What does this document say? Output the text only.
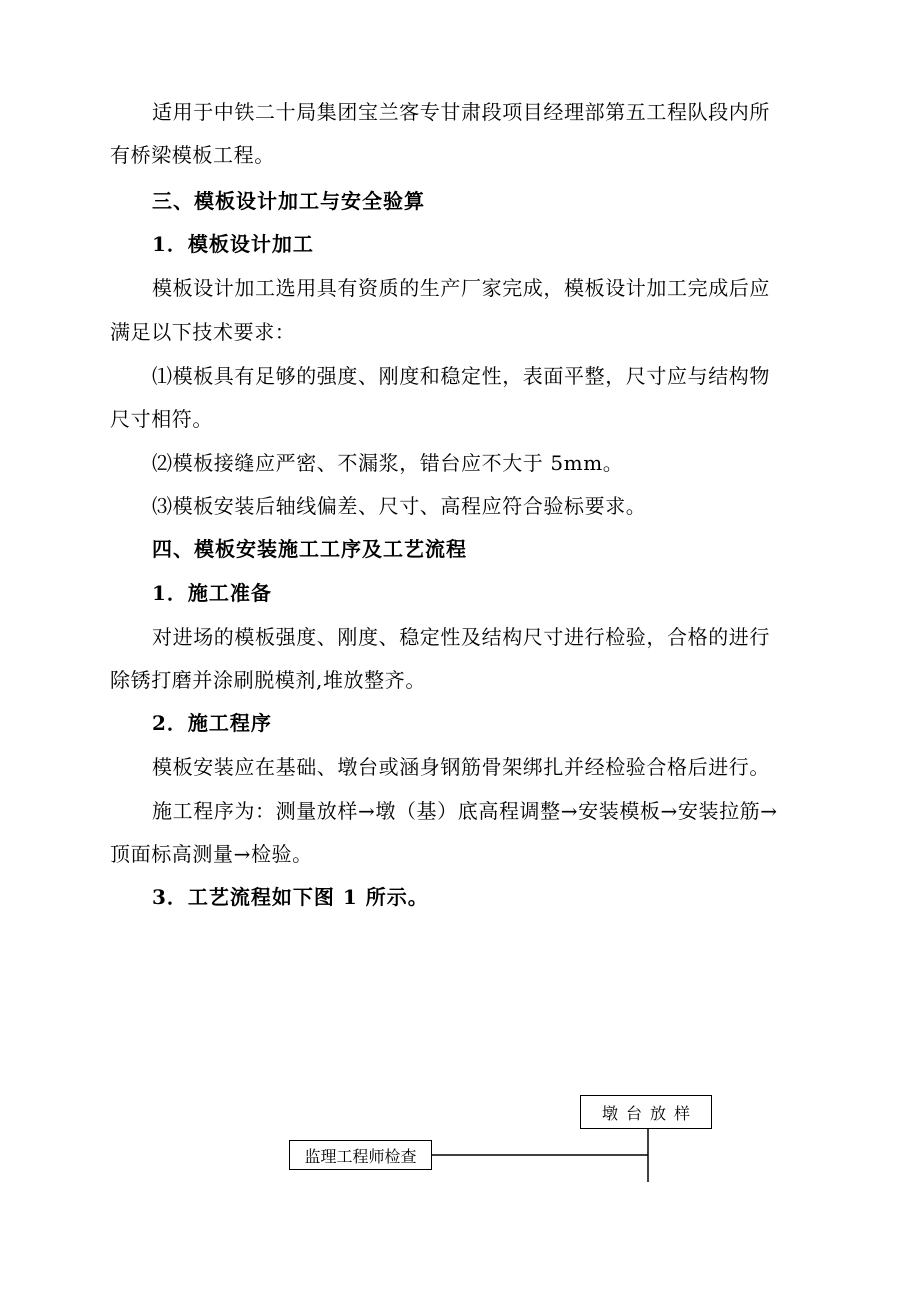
适用于中铁二十局集团宝兰客专甘肃段项目经理部第五工程队段内所
有桥梁模板工程。
三、模板设计加工与安全验算
1．模板设计加工
模板设计加工选用具有资质的生产厂家完成，模板设计加工完成后应
满足以下技术要求：
⑴模板具有足够的强度、刚度和稳定性，表面平整，尺寸应与结构物
尺寸相符。
⑵模板接缝应严密、不漏浆，错台应不大于 5mm。
⑶模板安装后轴线偏差、尺寸、高程应符合验标要求。
四、模板安装施工工序及工艺流程
1．施工准备
对进场的模板强度、刚度、稳定性及结构尺寸进行检验，合格的进行
除锈打磨并涂刷脱模剂,堆放整齐。
2．施工程序
模板安装应在基础、墩台或涵身钢筋骨架绑扎并经检验合格后进行。
施工程序为：测量放样→墩（基）底高程调整→安装模板→安装拉筋→
顶面标高测量→检验。
3．工艺流程如下图 1 所示。
墩台放样
监理工程师检查
